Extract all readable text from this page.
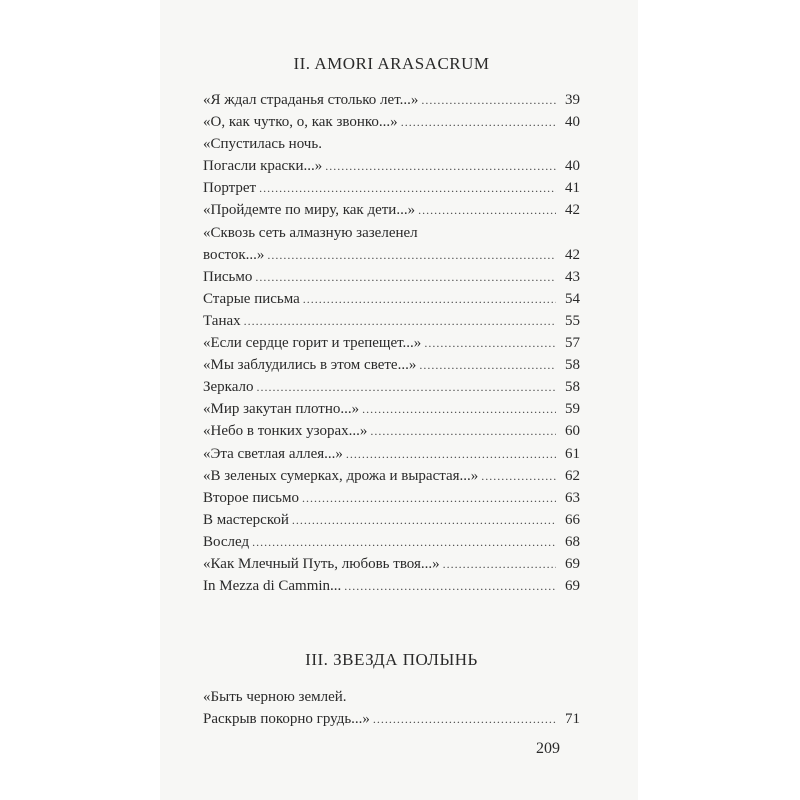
II. AMORI ARASACRUM
«Я ждал страданья столько лет...» . . .	39
«О, как чутко, о, как звонко...» . . .	40
«Спустилась ночь.
Погасли краски...» . . .	40
Портрет . . .	41
«Пройдемте по миру, как дети...» . . .	42
«Сквозь сеть алмазную зазеленел
восток...» . . .	42
Письмо . . .	43
Старые письма . . .	54
Танах . . .	55
«Если сердце горит и трепещет...» . . .	57
«Мы заблудились в этом свете...» . . .	58
Зеркало . . .	58
«Мир закутан плотно...» . . .	59
«Небо в тонких узорах...» . . .	60
«Эта светлая аллея...» . . .	61
«В зеленых сумерках, дрожа и вырастая...» . . .	62
Второе письмо . . .	63
В мастерской . . .	66
Вослед . . .	68
«Как Млечный Путь, любовь твоя...» . . .	69
In Mezza di Cammin... . . .	69
III. ЗВЕЗДА ПОЛЫНЬ
«Быть черною землей.
Раскрыв покорно грудь...» . . .	71
209
